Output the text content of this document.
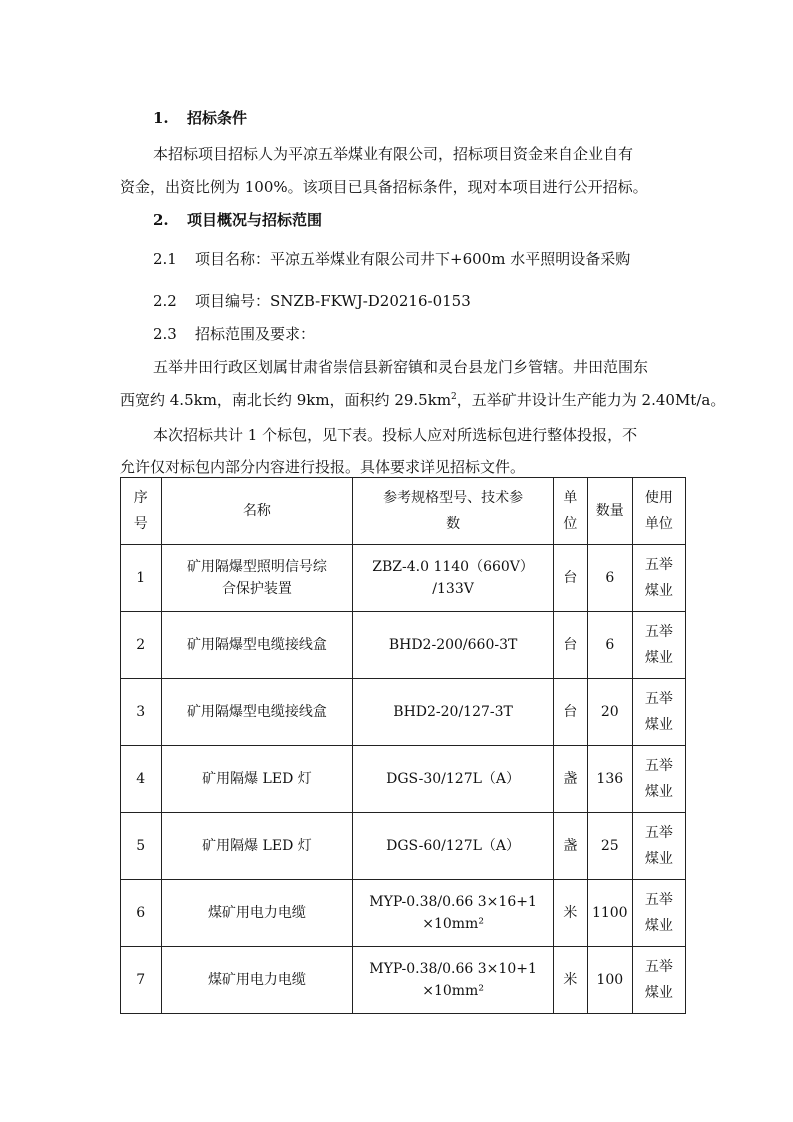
1. 招标条件
本招标项目招标人为平凉五举煤业有限公司，招标项目资金来自企业自有
资金，出资比例为 100%。该项目已具备招标条件，现对本项目进行公开招标。
2. 项目概况与招标范围
2.1 项目名称：平凉五举煤业有限公司井下+600m 水平照明设备采购
2.2 项目编号：SNZB-FKWJ-D20216-0153
2.3 招标范围及要求：
五举井田行政区划属甘肃省崇信县新窑镇和灵台县龙门乡管辖。井田范围东
西宽约 4.5km，南北长约 9km，面积约 $29.5km^2$，五举矿井设计生产能力为 2.40Mt/a。
本次招标共计 1 个标包，见下表。投标人应对所选标包进行整体投报，不
允许仅对标包内部分内容进行投报。具体要求详见招标文件。
序
号	名称	参考规格型号、技术参
数	单
位	数量	使用
单位

1	矿用隔爆型照明信号综
合保护装置	ZBZ-4.0 1140（660V）
/133V	台	6	五举
煤业

2	矿用隔爆型电缆接线盒	BHD2-200/660-3T	台	6	五举
煤业

3	矿用隔爆型电缆接线盒	BHD2-20/127-3T	台	20	五举
煤业

4	矿用隔爆 LED 灯	DGS-30/127L（A）	盏	136	五举
煤业

5	矿用隔爆 LED 灯	DGS-60/127L（A）	盏	25	五举
煤业

6	煤矿用电力电缆	MYP-0.38/0.66 3×16+1
×10mm²	米	1100	五举
煤业

7	煤矿用电力电缆	MYP-0.38/0.66 3×10+1
×10mm²	米	100	五举
煤业
